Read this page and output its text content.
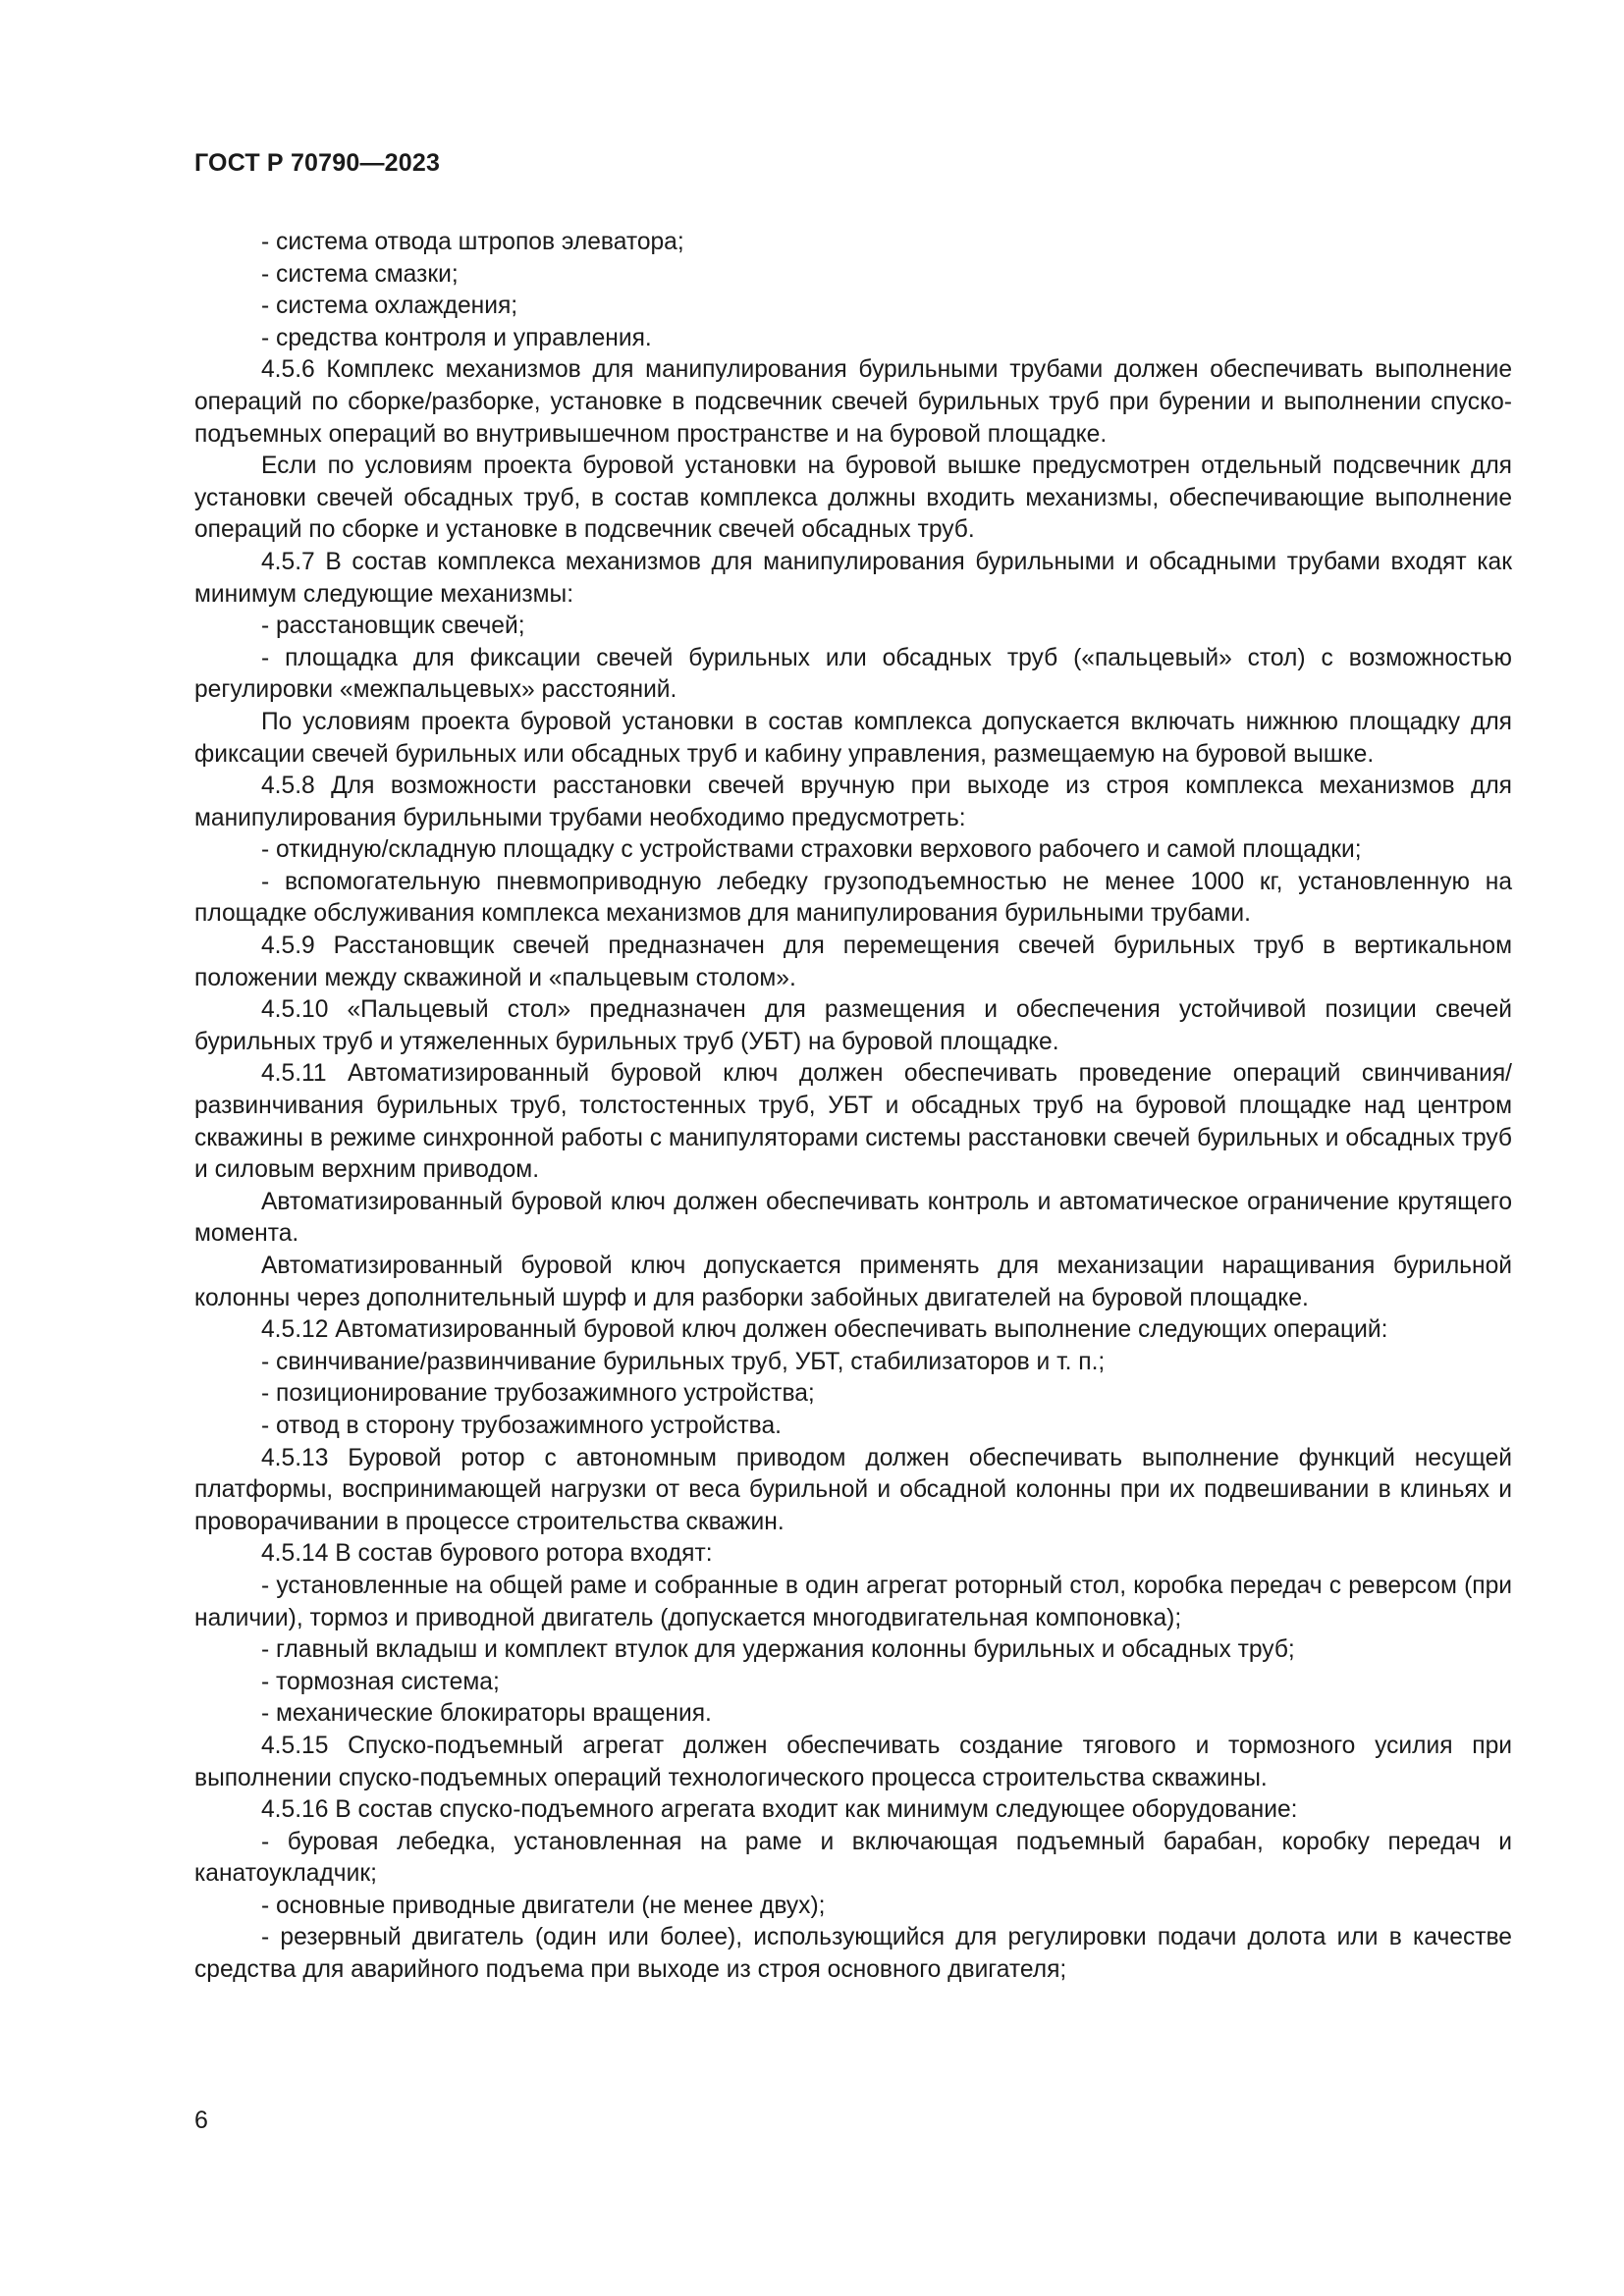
ГОСТ Р 70790—2023

- система отвода штропов элеватора;

- система смазки;

- система охлаждения;

- средства контроля и управления.

4.5.6 Комплекс механизмов для манипулирования бурильными трубами должен обеспечивать выполнение операций по сборке/разборке, установке в подсвечник свечей бурильных труб при бурении и выполнении спуско-подъемных операций во внутривышечном пространстве и на буровой площадке.

Если по условиям проекта буровой установки на буровой вышке предусмотрен отдельный подсвечник для установки свечей обсадных труб, в состав комплекса должны входить механизмы, обеспечивающие выполнение операций по сборке и установке в подсвечник свечей обсадных труб.

4.5.7 В состав комплекса механизмов для манипулирования бурильными и обсадными трубами входят как минимум следующие механизмы:

- расстановщик свечей;

- площадка для фиксации свечей бурильных или обсадных труб («пальцевый» стол) с возможностью регулировки «межпальцевых» расстояний.

По условиям проекта буровой установки в состав комплекса допускается включать нижнюю площадку для фиксации свечей бурильных или обсадных труб и кабину управления, размещаемую на буровой вышке.

4.5.8 Для возможности расстановки свечей вручную при выходе из строя комплекса механизмов для манипулирования бурильными трубами необходимо предусмотреть:

- откидную/складную площадку с устройствами страховки верхового рабочего и самой площадки;

- вспомогательную пневмоприводную лебедку грузоподъемностью не менее 1000 кг, установленную на площадке обслуживания комплекса механизмов для манипулирования бурильными трубами.

4.5.9 Расстановщик свечей предназначен для перемещения свечей бурильных труб в вертикальном положении между скважиной и «пальцевым столом».

4.5.10 «Пальцевый стол» предназначен для размещения и обеспечения устойчивой позиции свечей бурильных труб и утяжеленных бурильных труб (УБТ) на буровой площадке.

4.5.11 Автоматизированный буровой ключ должен обеспечивать проведение операций свинчивания/развинчивания бурильных труб, толстостенных труб, УБТ и обсадных труб на буровой площадке над центром скважины в режиме синхронной работы с манипуляторами системы расстановки свечей бурильных и обсадных труб и силовым верхним приводом.

Автоматизированный буровой ключ должен обеспечивать контроль и автоматическое ограничение крутящего момента.

Автоматизированный буровой ключ допускается применять для механизации наращивания бурильной колонны через дополнительный шурф и для разборки забойных двигателей на буровой площадке.

4.5.12 Автоматизированный буровой ключ должен обеспечивать выполнение следующих операций:

- свинчивание/развинчивание бурильных труб, УБТ, стабилизаторов и т. п.;

- позиционирование трубозажимного устройства;

- отвод в сторону трубозажимного устройства.

4.5.13 Буровой ротор с автономным приводом должен обеспечивать выполнение функций несущей платформы, воспринимающей нагрузки от веса бурильной и обсадной колонны при их подвешивании в клиньях и проворачивании в процессе строительства скважин.

4.5.14 В состав бурового ротора входят:

- установленные на общей раме и собранные в один агрегат роторный стол, коробка передач с реверсом (при наличии), тормоз и приводной двигатель (допускается многодвигательная компоновка);

- главный вкладыш и комплект втулок для удержания колонны бурильных и обсадных труб;

- тормозная система;

- механические блокираторы вращения.

4.5.15 Спуско-подъемный агрегат должен обеспечивать создание тягового и тормозного усилия при выполнении спуско-подъемных операций технологического процесса строительства скважины.

4.5.16 В состав спуско-подъемного агрегата входит как минимум следующее оборудование:

- буровая лебедка, установленная на раме и включающая подъемный барабан, коробку передач и канатоукладчик;

- основные приводные двигатели (не менее двух);

- резервный двигатель (один или более), использующийся для регулировки подачи долота или в качестве средства для аварийного подъема при выходе из строя основного двигателя;

6
